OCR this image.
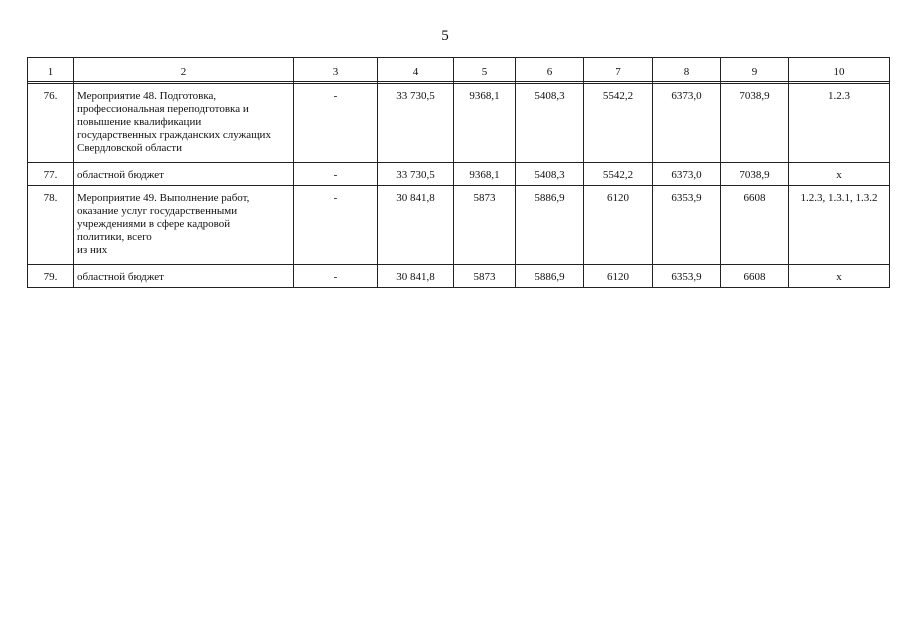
5
1	2	3	4	5	6	7	8	9	10

76.	Мероприятие 48. Подготовка,
профессиональная переподготовка и
повышение квалификации
государственных гражданских служащих
Свердловской области	-	33 730,5	9368,1	5408,3	5542,2	6373,0	7038,9	1.2.3
77.	областной бюджет	-	33 730,5	9368,1	5408,3	5542,2	6373,0	7038,9	х
78.	Мероприятие 49. Выполнение работ,
оказание услуг государственными
учреждениями в сфере кадровой
политики, всего
из них	-	30 841,8	5873	5886,9	6120	6353,9	6608	1.2.3, 1.3.1, 1.3.2
79.	областной бюджет	-	30 841,8	5873	5886,9	6120	6353,9	6608	х
